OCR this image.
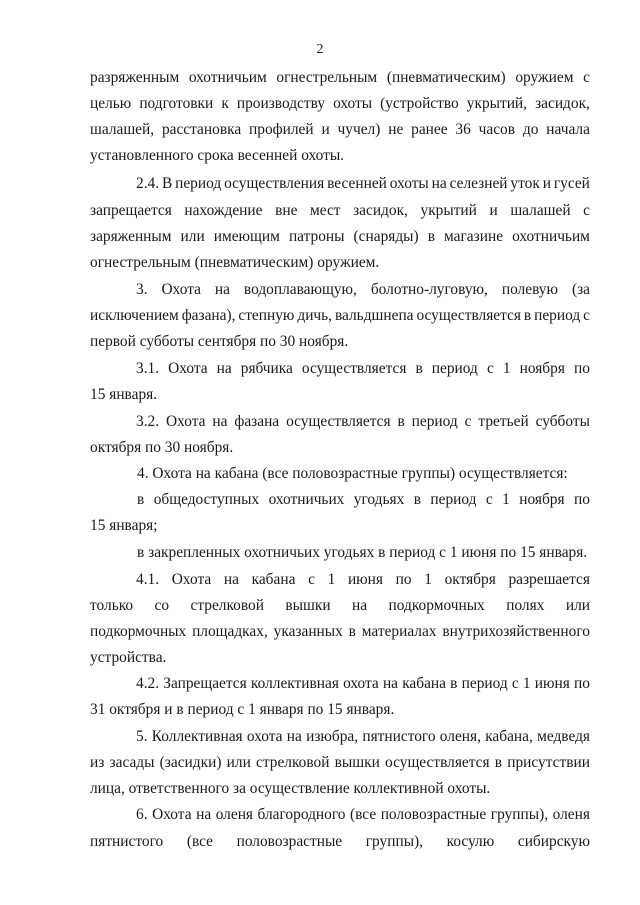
2
разряженным охотничьим огнестрельным (пневматическим) оружием с
целью подготовки к производству охоты (устройство укрытий, засидок,
шалашей, расстановка профилей и чучел) не ранее 36 часов до начала
установленного срока весенней охоты.
2.4. В период осуществления весенней охоты на селезней уток и гусей
запрещается нахождение вне мест засидок, укрытий и шалашей с
заряженным или имеющим патроны (снаряды) в магазине охотничьим
огнестрельным (пневматическим) оружием.
3. Охота на водоплавающую, болотно-луговую, полевую (за
исключением фазана), степную дичь, вальдшнепа осуществляется в период с
первой субботы сентября по 30 ноября.
3.1. Охота на рябчика осуществляется в период с 1 ноября по
15 января.
3.2. Охота на фазана осуществляется в период с третьей субботы
октября по 30 ноября.
4. Охота на кабана (все половозрастные группы) осуществляется:
в общедоступных охотничьих угодьях в период с 1 ноября по
15 января;
в закрепленных охотничьих угодьях в период с 1 июня по 15 января.
4.1. Охота на кабана с 1 июня по 1 октября разрешается
только со стрелковой вышки на подкормочных полях или
подкормочных площадках, указанных в материалах внутрихозяйственного
устройства.
4.2. Запрещается коллективная охота на кабана в период с 1 июня по
31 октября и в период с 1 января по 15 января.
5. Коллективная охота на изюбра, пятнистого оленя, кабана, медведя
из засады (засидки) или стрелковой вышки осуществляется в присутствии
лица, ответственного за осуществление коллективной охоты.
6. Охота на оленя благородного (все половозрастные группы), оленя
пятнистого (все половозрастные группы), косулю сибирскую
